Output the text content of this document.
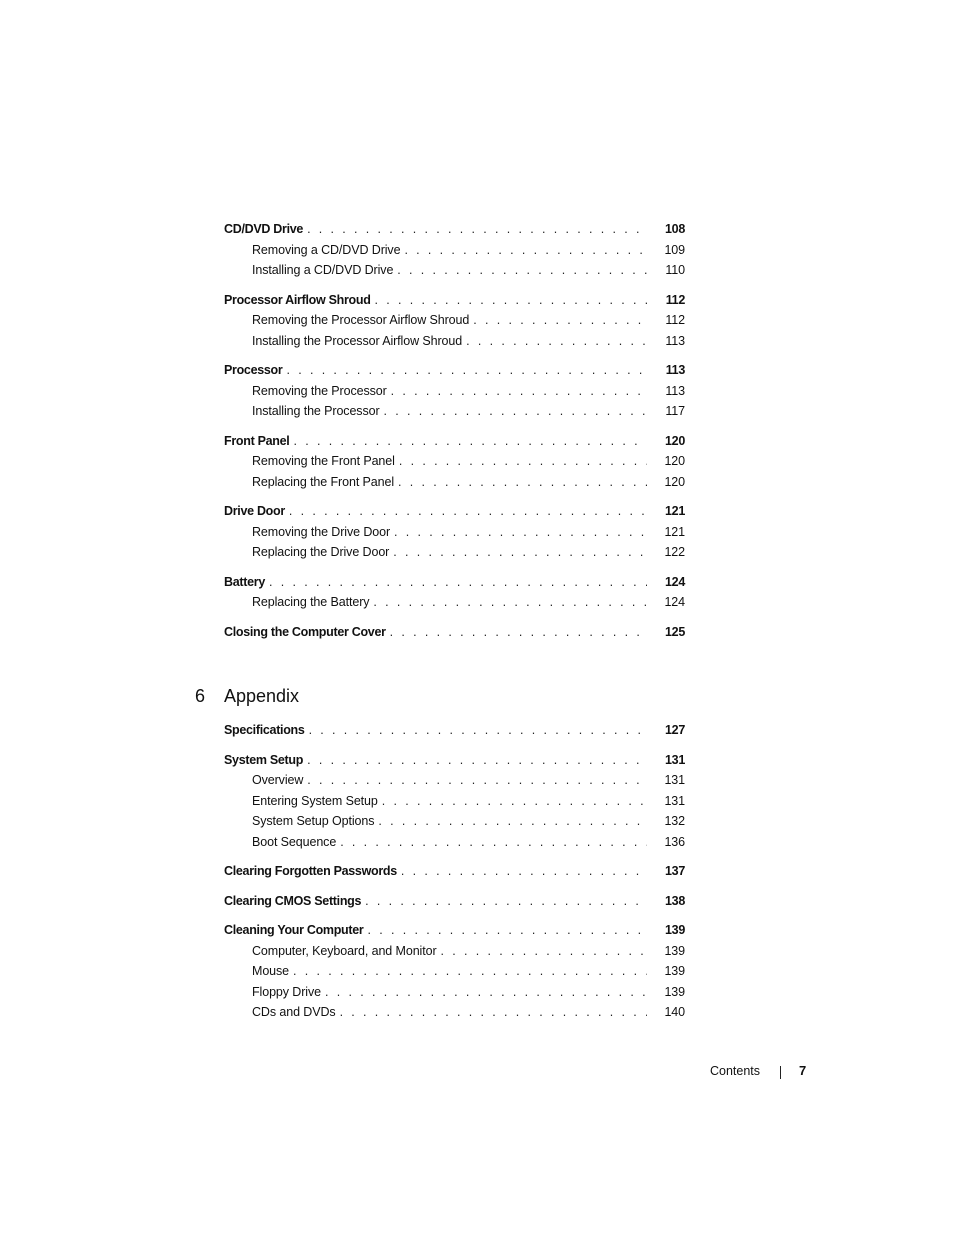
CD/DVD Drive . . .	108
Removing a CD/DVD Drive . . .	109
Installing a CD/DVD Drive . . .	110
Processor Airflow Shroud . . .	112
Removing the Processor Airflow Shroud . . .	112
Installing the Processor Airflow Shroud . . .	113
Processor . . .	113
Removing the Processor . . .	113
Installing the Processor . . .	117
Front Panel . . .	120
Removing the Front Panel . . .	120
Replacing the Front Panel . . .	120
Drive Door . . .	121
Removing the Drive Door . . .	121
Replacing the Drive Door . . .	122
Battery . . .	124
Replacing the Battery . . .	124
Closing the Computer Cover . . .	125
6 Appendix
Specifications . . .	127
System Setup . . .	131
Overview . . .	131
Entering System Setup . . .	131
System Setup Options . . .	132
Boot Sequence . . .	136
Clearing Forgotten Passwords . . .	137
Clearing CMOS Settings . . .	138
Cleaning Your Computer . . .	139
Computer, Keyboard, and Monitor . . .	139
Mouse . . .	139
Floppy Drive . . .	139
CDs and DVDs . . .	140
Contents	7
